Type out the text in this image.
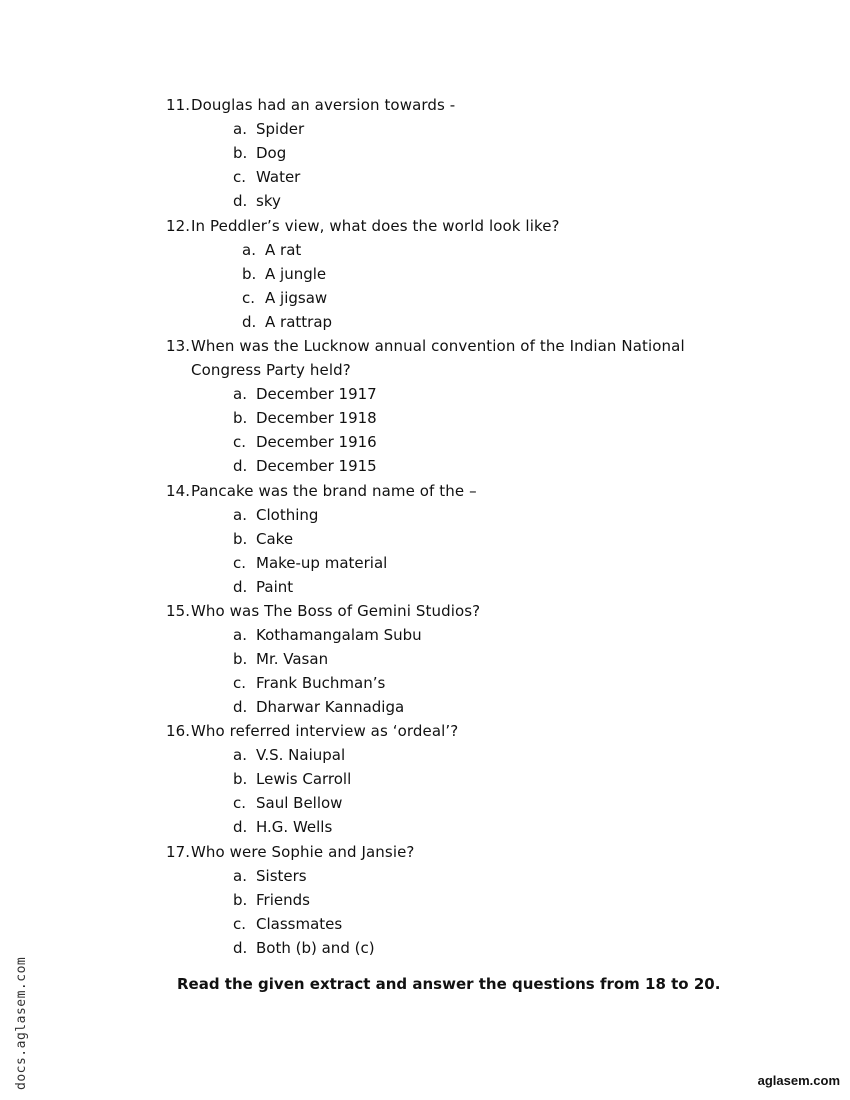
11. Douglas had an aversion towards -
a. Spider
b. Dog
c. Water
d. sky
12. In Peddler’s view, what does the world look like?
a. A rat
b. A jungle
c. A jigsaw
d. A rattrap
13. When was the Lucknow annual convention of the Indian National Congress Party held?
a. December 1917
b. December 1918
c. December 1916
d. December 1915
14. Pancake was the brand name of the –
a. Clothing
b. Cake
c. Make-up material
d. Paint
15. Who was The Boss of Gemini Studios?
a. Kothamangalam Subu
b. Mr. Vasan
c. Frank Buchman’s
d. Dharwar Kannadiga
16. Who referred interview as ‘ordeal’?
a. V.S. Naiupal
b. Lewis Carroll
c. Saul Bellow
d. H.G. Wells
17. Who were Sophie and Jansie?
a. Sisters
b. Friends
c. Classmates
d. Both (b) and (c)
Read the given extract and answer the questions from 18 to 20.
docs.aglasem.com	aglasem.com
